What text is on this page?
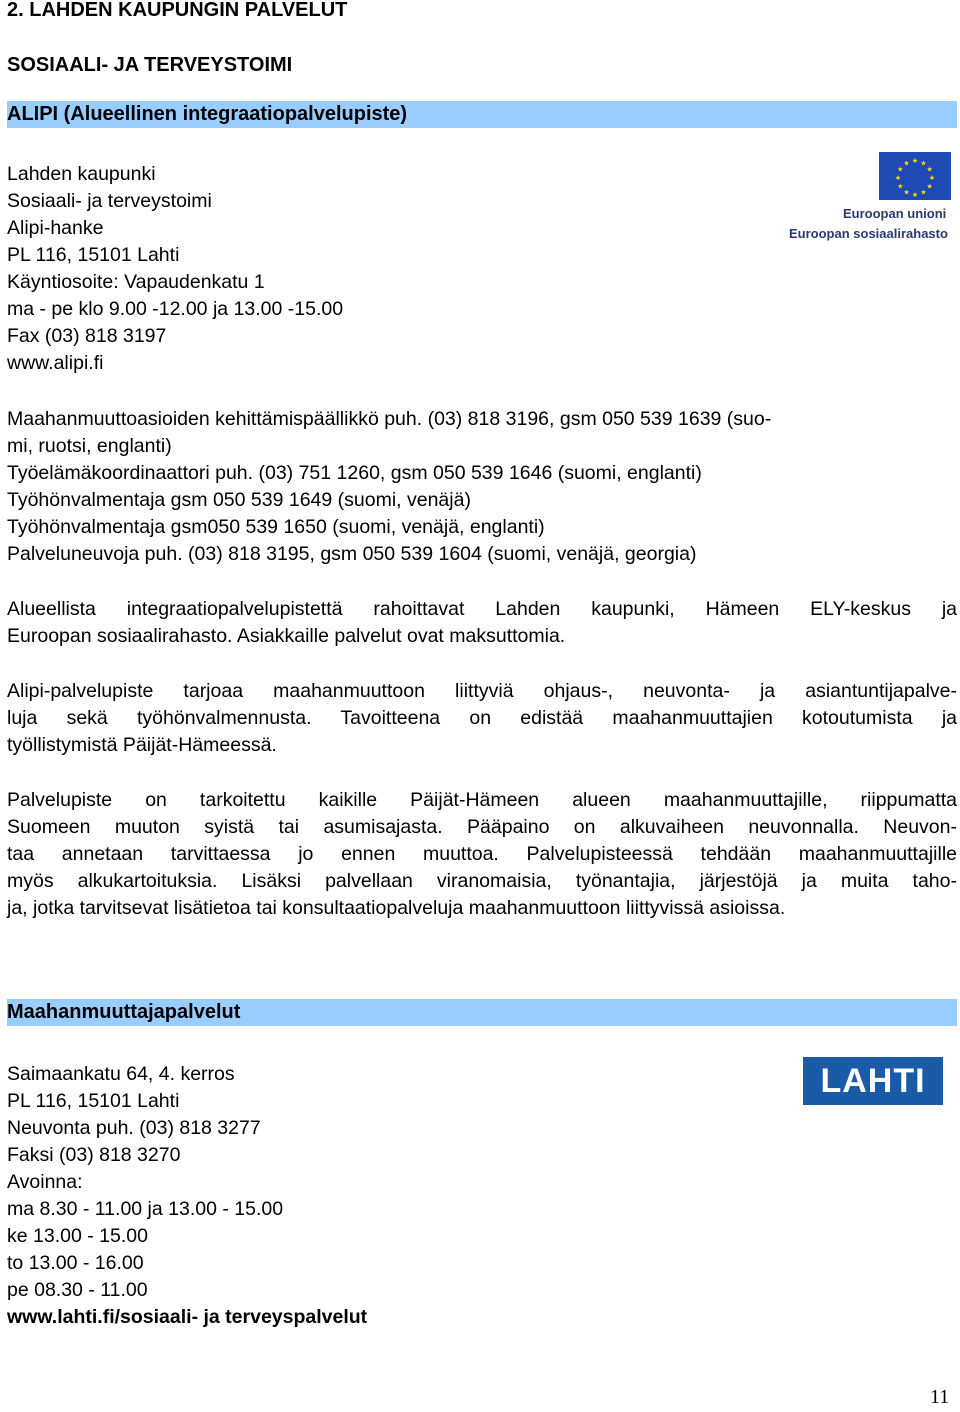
2. LAHDEN KAUPUNGIN PALVELUT
SOSIAALI- JA TERVEYSTOIMI
ALIPI (Alueellinen integraatiopalvelupiste)
Lahden kaupunki
Sosiaali- ja terveystoimi
Alipi-hanke
PL 116, 15101 Lahti
Käyntiosoite: Vapaudenkatu 1
ma - pe klo 9.00 -12.00 ja 13.00 -15.00
Fax (03) 818 3197
www.alipi.fi
★ ★
★
★
★
★
★
★
★
★
★
★
Euroopan unioni
Euroopan sosiaalirahasto
Maahanmuuttoasioiden kehittämispäällikkö puh. (03) 818 3196, gsm 050 539 1639 (suo-
mi, ruotsi, englanti)
Työelämäkoordinaattori puh. (03) 751 1260, gsm 050 539 1646 (suomi, englanti)
Työhönvalmentaja gsm 050 539 1649 (suomi, venäjä)
Työhönvalmentaja gsm050 539 1650 (suomi, venäjä, englanti)
Palveluneuvoja puh. (03) 818 3195, gsm 050 539 1604 (suomi, venäjä, georgia)
Alueellista integraatiopalvelupistettä rahoittavat Lahden kaupunki, Hämeen ELY-keskus ja
Euroopan sosiaalirahasto. Asiakkaille palvelut ovat maksuttomia.
Alipi-palvelupiste tarjoaa maahanmuuttoon liittyviä ohjaus-, neuvonta- ja asiantuntijapalve-
luja sekä työhönvalmennusta. Tavoitteena on edistää maahanmuuttajien kotoutumista ja
työllistymistä Päijät-Hämeessä.
Palvelupiste on tarkoitettu kaikille Päijät-Hämeen alueen maahanmuuttajille, riippumatta
Suomeen muuton syistä tai asumisajasta. Pääpaino on alkuvaiheen neuvonnalla. Neuvon-
taa annetaan tarvittaessa jo ennen muuttoa. Palvelupisteessä tehdään maahanmuuttajille
myös alkukartoituksia. Lisäksi palvellaan viranomaisia, työnantajia, järjestöjä ja muita taho-
ja, jotka tarvitsevat lisätietoa tai konsultaatiopalveluja maahanmuuttoon liittyvissä asioissa.
Maahanmuuttajapalvelut
Saimaankatu 64, 4. kerros
PL 116, 15101 Lahti
Neuvonta puh. (03) 818 3277
Faksi (03) 818 3270
Avoinna:
ma 8.30 - 11.00 ja 13.00 - 15.00
ke 13.00 - 15.00
to 13.00 - 16.00
pe 08.30 - 11.00
www.lahti.fi/sosiaali- ja terveyspalvelut
LAHTI
11
